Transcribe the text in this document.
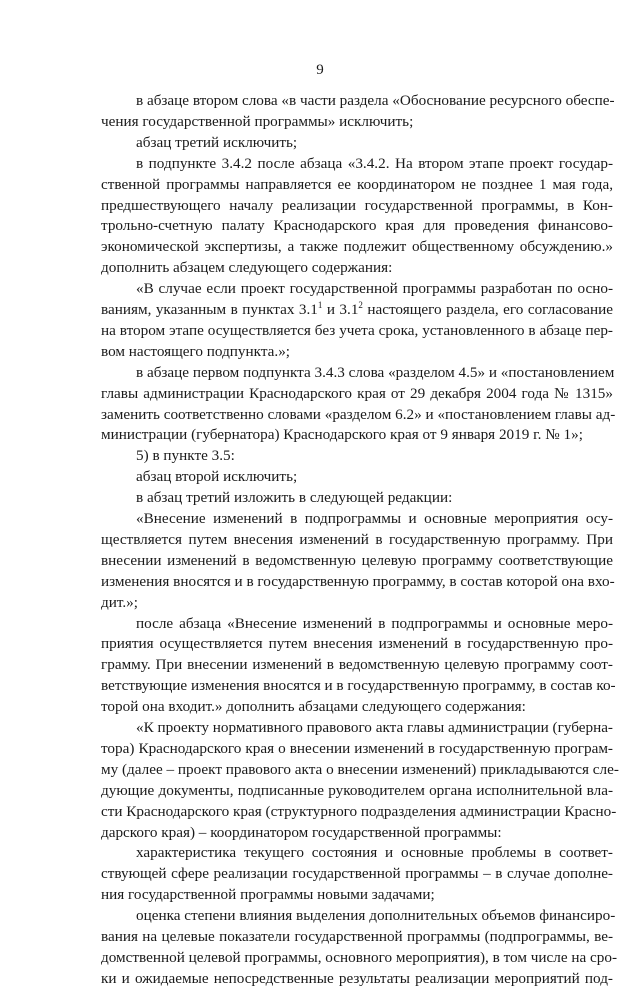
9
в абзаце втором слова «в части раздела «Обоснование ресурсного обеспе-
чения государственной программы» исключить;
абзац третий исключить;
в подпункте 3.4.2 после абзаца «3.4.2. На втором этапе проект государ-
ственной программы направляется ее координатором не позднее 1 мая года,
предшествующего началу реализации государственной программы, в Кон-
трольно-счетную палату Краснодарского края для проведения финансово-
экономической экспертизы, а также подлежит общественному обсуждению.»
дополнить абзацем следующего содержания:
«В случае если проект государственной программы разработан по осно-
ваниям, указанным в пунктах $3.1^1$ и $3.1^2$ настоящего раздела, его согласование
на втором этапе осуществляется без учета срока, установленного в абзаце пер-
вом настоящего подпункта.»;
в абзаце первом подпункта 3.4.3 слова «разделом 4.5» и «постановлением
главы администрации Краснодарского края от 29 декабря 2004 года № 1315»
заменить соответственно словами «разделом 6.2» и «постановлением главы ад-
министрации (губернатора) Краснодарского края от 9 января 2019 г. № 1»;
5) в пункте 3.5:
абзац второй исключить;
в абзац третий изложить в следующей редакции:
«Внесение изменений в подпрограммы и основные мероприятия осу-
ществляется путем внесения изменений в государственную программу. При
внесении изменений в ведомственную целевую программу соответствующие
изменения вносятся и в государственную программу, в состав которой она вхо-
дит.»;
после абзаца «Внесение изменений в подпрограммы и основные меро-
приятия осуществляется путем внесения изменений в государственную про-
грамму. При внесении изменений в ведомственную целевую программу соот-
ветствующие изменения вносятся и в государственную программу, в состав ко-
торой она входит.» дополнить абзацами следующего содержания:
«К проекту нормативного правового акта главы администрации (губерна-
тора) Краснодарского края о внесении изменений в государственную програм-
му (далее – проект правового акта о внесении изменений) прикладываются сле-
дующие документы, подписанные руководителем органа исполнительной вла-
сти Краснодарского края (структурного подразделения администрации Красно-
дарского края) – координатором государственной программы:
характеристика текущего состояния и основные проблемы в соответ-
ствующей сфере реализации государственной программы – в случае дополне-
ния государственной программы новыми задачами;
оценка степени влияния выделения дополнительных объемов финансиро-
вания на целевые показатели государственной программы (подпрограммы, ве-
домственной целевой программы, основного мероприятия), в том числе на сро-
ки и ожидаемые непосредственные результаты реализации мероприятий под-
